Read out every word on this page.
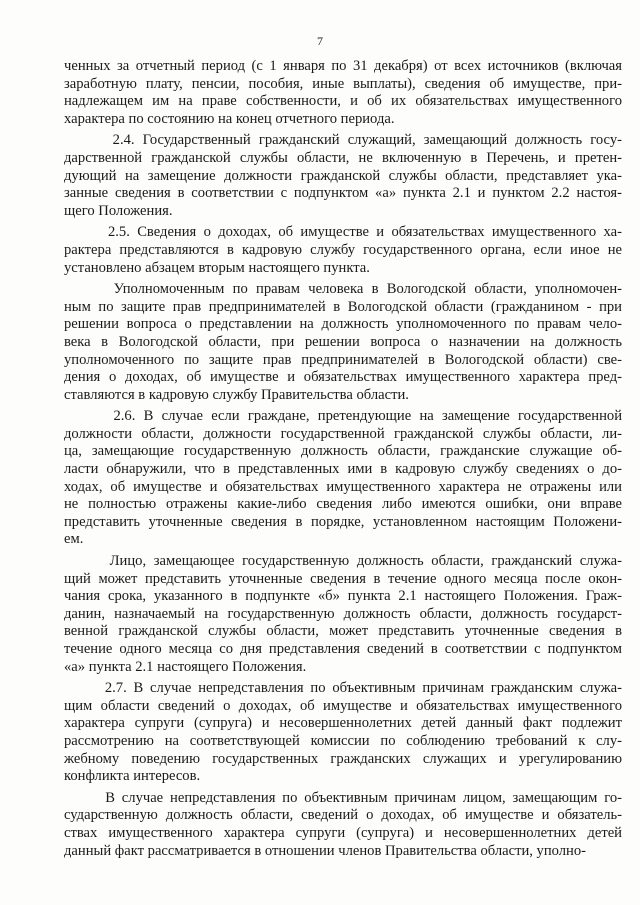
7
ченных за отчетный период (с 1 января по 31 декабря) от всех источников (включая
заработную плату, пенсии, пособия, иные выплаты), сведения об имуществе, при-
надлежащем им на праве собственности, и об их обязательствах имущественного
характера по состоянию на конец отчетного периода.
2.4. Государственный гражданский служащий, замещающий должность госу-
дарственной гражданской службы области, не включенную в Перечень, и претен-
дующий на замещение должности гражданской службы области, представляет ука-
занные сведения в соответствии с подпунктом «а» пункта 2.1 и пунктом 2.2 настоя-
щего Положения.
2.5. Сведения о доходах, об имуществе и обязательствах имущественного ха-
рактера представляются в кадровую службу государственного органа, если иное не
установлено абзацем вторым настоящего пункта.
Уполномоченным по правам человека в Вологодской области, уполномочен-
ным по защите прав предпринимателей в Вологодской области (гражданином - при
решении вопроса о представлении на должность уполномоченного по правам чело-
века в Вологодской области, при решении вопроса о назначении на должность
уполномоченного по защите прав предпринимателей в Вологодской области) све-
дения о доходах, об имуществе и обязательствах имущественного характера пред-
ставляются в кадровую службу Правительства области.
2.6. В случае если граждане, претендующие на замещение государственной
должности области, должности государственной гражданской службы области, ли-
ца, замещающие государственную должность области, гражданские служащие об-
ласти обнаружили, что в представленных ими в кадровую службу сведениях о до-
ходах, об имуществе и обязательствах имущественного характера не отражены или
не полностью отражены какие-либо сведения либо имеются ошибки, они вправе
представить уточненные сведения в порядке, установленном настоящим Положени-
ем.
Лицо, замещающее государственную должность области, гражданский служа-
щий может представить уточненные сведения в течение одного месяца после окон-
чания срока, указанного в подпункте «б» пункта 2.1 настоящего Положения. Граж-
данин, назначаемый на государственную должность области, должность государст-
венной гражданской службы области, может представить уточненные сведения в
течение одного месяца со дня представления сведений в соответствии с подпунктом
«а» пункта 2.1 настоящего Положения.
2.7. В случае непредставления по объективным причинам гражданским служа-
щим области сведений о доходах, об имуществе и обязательствах имущественного
характера супруги (супруга) и несовершеннолетних детей данный факт подлежит
рассмотрению на соответствующей комиссии по соблюдению требований к слу-
жебному поведению государственных гражданских служащих и урегулированию
конфликта интересов.
В случае непредставления по объективным причинам лицом, замещающим го-
сударственную должность области, сведений о доходах, об имуществе и обязатель-
ствах имущественного характера супруги (супруга) и несовершеннолетних детей
данный факт рассматривается в отношении членов Правительства области, уполно-
